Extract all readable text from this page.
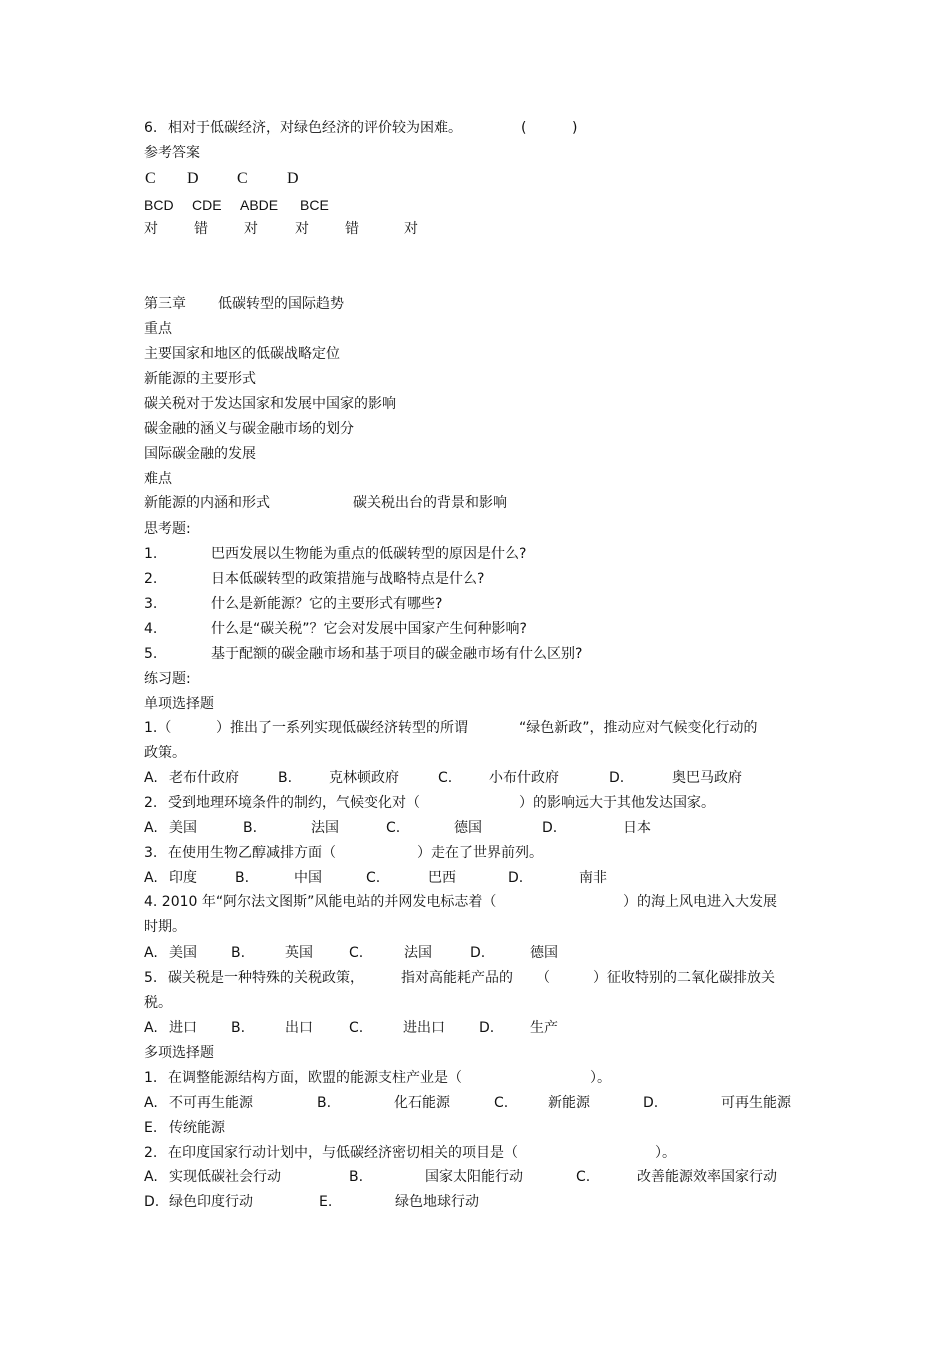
6. 相对于低碳经济，对绿色经济的评价较为困难。	(	)
参考答案
C D C D
BCD CDE ABDE BCE
对	错	对	对	错	对
第三章 低碳转型的国际趋势
重点
主要国家和地区的低碳战略定位
新能源的主要形式
碳关税对于发达国家和发展中国家的影响
碳金融的涵义与碳金融市场的划分
国际碳金融的发展
难点
新能源的内涵和形式	碳关税出台的背景和影响
思考题:
1.	巴西发展以生物能为重点的低碳转型的原因是什么?
2.	日本低碳转型的政策措施与战略特点是什么?
3.	什么是新能源？它的主要形式有哪些?
4.	什么是“碳关税”？它会对发展中国家产生何种影响?
5.	基于配额的碳金融市场和基于项目的碳金融市场有什么区别?
练习题:
单项选择题
1.（	）推出了一系列实现低碳经济转型的所谓	“绿色新政”，推动应对气候变化行动的
政策。
A. 老布什政府	B.	克林顿政府	C.	小布什政府	D.	奥巴马政府
2. 受到地理环境条件的制约，气候变化对（	）的影响远大于其他发达国家。
A. 美国	B.	法国	C.	德国	D.	日本
3. 在使用生物乙醇减排方面（	）走在了世界前列。
A. 印度	B.	中国	C.	巴西	D.	南非
4. 2010 年“阿尔法文图斯”风能电站的并网发电标志着（	）的海上风电进入大发展
时期。
A. 美国 B.	英国	C.	法国	D.	德国
5. 碳关税是一种特殊的关税政策，	指对高能耗产品的 （	）征收特别的二氧化碳排放关
税。
A. 进口 B.	出口	C.	进出口 D.	生产
多项选择题
1. 在调整能源结构方面，欧盟的能源支柱产业是（	）。
A. 不可再生能源	B.	化石能源	C.	新能源	D.	可再生能源
E. 传统能源
2. 在印度国家行动计划中，与低碳经济密切相关的项目是（	）。
A. 实现低碳社会行动	B.	国家太阳能行动	C.	改善能源效率国家行动
D. 绿色印度行动	E.	绿色地球行动
